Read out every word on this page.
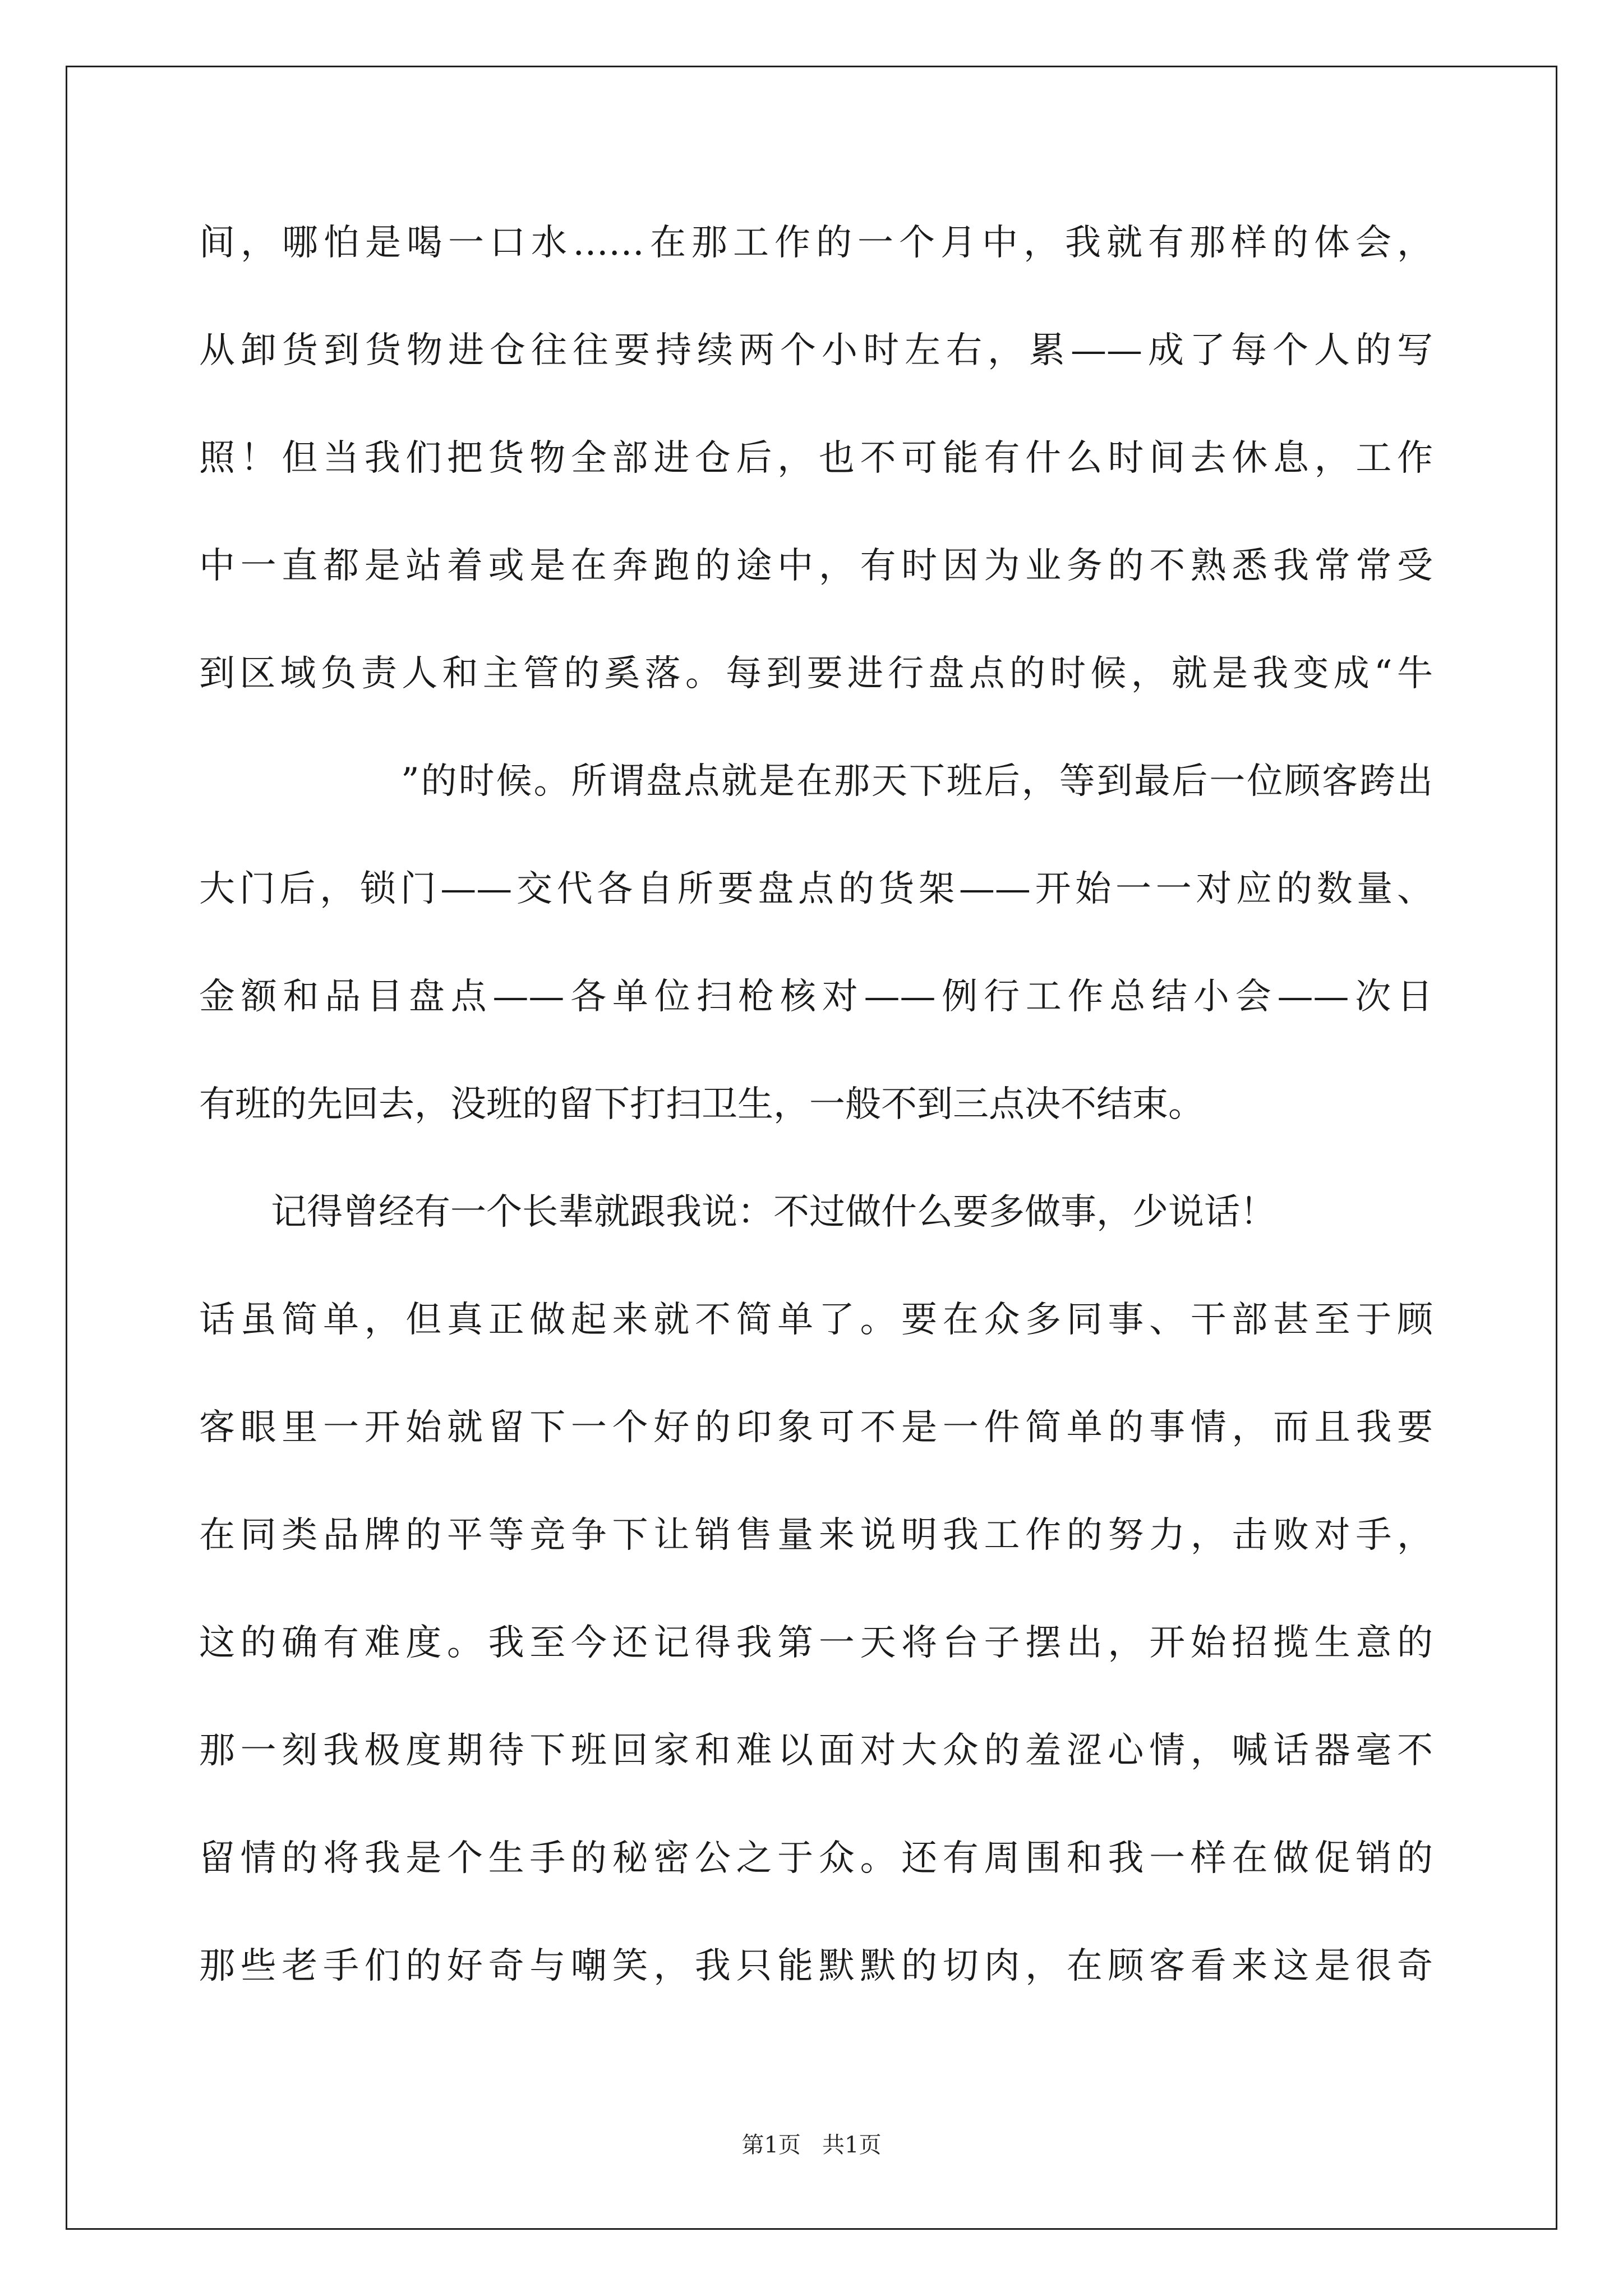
间，哪怕是喝一口水……在那工作的一个月中，我就有那样的体会，
从卸货到货物进仓往往要持续两个小时左右，累——成了每个人的写
照！但当我们把货物全部进仓后，也不可能有什么时间去休息，工作
中一直都是站着或是在奔跑的途中，有时因为业务的不熟悉我常常受
到区域负责人和主管的奚落。每到要进行盘点的时候，就是我变成“牛
”的时候。所谓盘点就是在那天下班后，等到最后一位顾客跨出
大门后，锁门——交代各自所要盘点的货架——开始一一对应的数量、
金额和品目盘点——各单位扫枪核对——例行工作总结小会——次日
有班的先回去，没班的留下打扫卫生，一般不到三点决不结束。
记得曾经有一个长辈就跟我说：不过做什么要多做事，少说话！
话虽简单，但真正做起来就不简单了。要在众多同事、干部甚至于顾
客眼里一开始就留下一个好的印象可不是一件简单的事情，而且我要
在同类品牌的平等竞争下让销售量来说明我工作的努力，击败对手，
这的确有难度。我至今还记得我第一天将台子摆出，开始招揽生意的
那一刻我极度期待下班回家和难以面对大众的羞涩心情，喊话器毫不
留情的将我是个生手的秘密公之于众。还有周围和我一样在做促销的
那些老手们的好奇与嘲笑，我只能默默的切肉，在顾客看来这是很奇
第1页   共1页
